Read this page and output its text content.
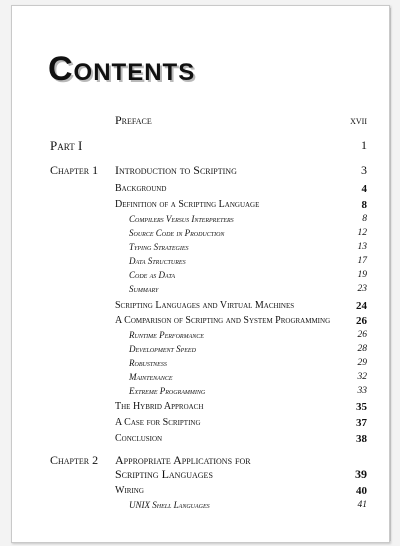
Contents
Preface	xvii
Part I	1
Chapter 1 Introduction to Scripting	3
Background	4
Definition of a Scripting Language	8
Compilers Versus Interpreters	8
Source Code in Production	12
Typing Strategies	13
Data Structures	17
Code as Data	19
Summary	23
Scripting Languages and Virtual Machines	24
A Comparison of Scripting and System Programming 26
Runtime Performance	26
Development Speed	28
Robustness	29
Maintenance	32
Extreme Programming	33
The Hybrid Approach	35
A Case for Scripting	37
Conclusion	38
Chapter 2 Appropriate Applications for
Scripting Languages	39
Wiring	40
UNIX Shell Languages	41
